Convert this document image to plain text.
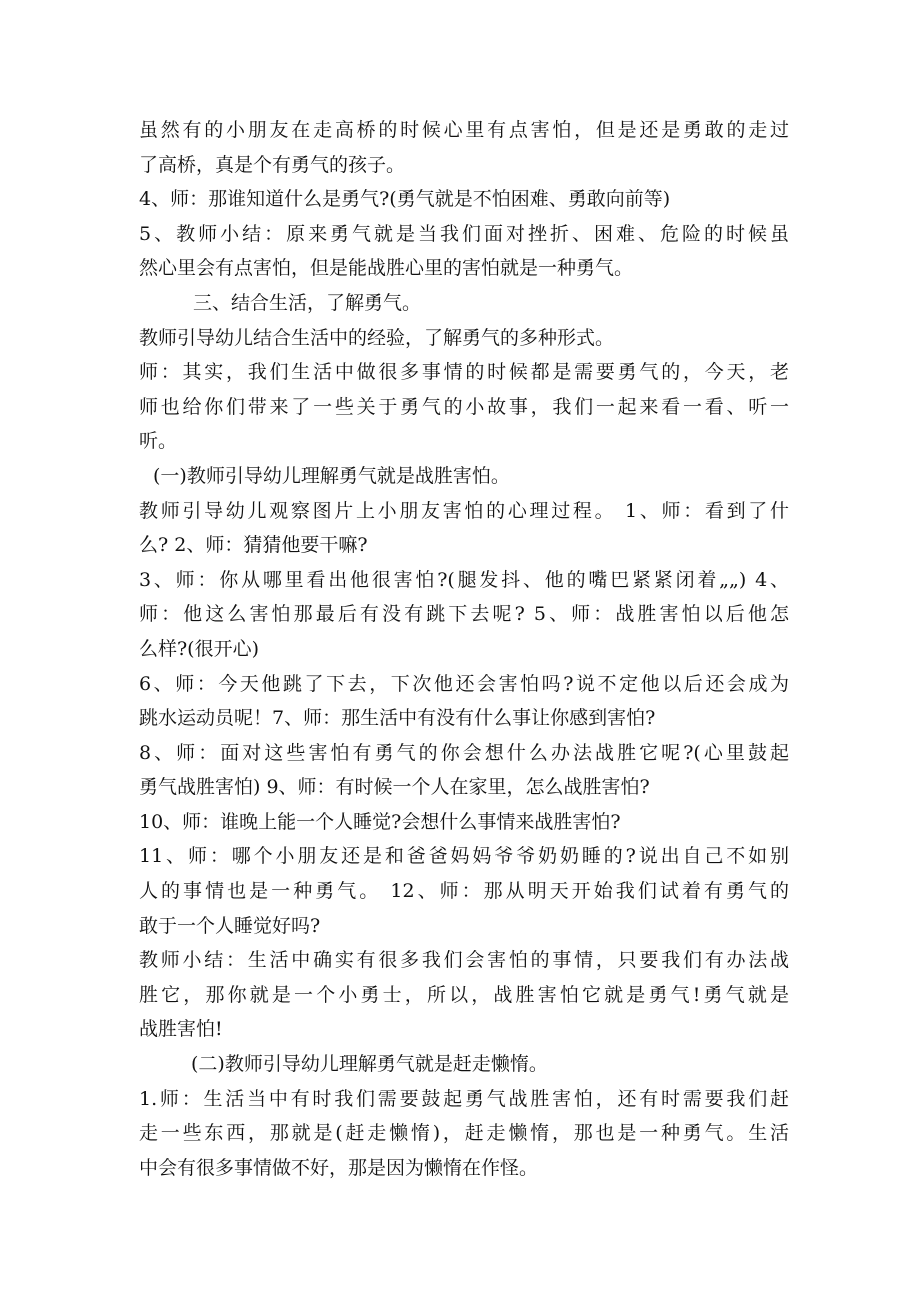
虽然有的小朋友在走高桥的时候心里有点害怕，但是还是勇敢的走过
了高桥，真是个有勇气的孩子。
4、师：那谁知道什么是勇气?(勇气就是不怕困难、勇敢向前等)
5、教师小结：原来勇气就是当我们面对挫折、困难、危险的时候虽
然心里会有点害怕，但是能战胜心里的害怕就是一种勇气。
三、结合生活，了解勇气。
教师引导幼儿结合生活中的经验，了解勇气的多种形式。
师：其实，我们生活中做很多事情的时候都是需要勇气的，今天，老
师也给你们带来了一些关于勇气的小故事，我们一起来看一看、听一
听。
(一)教师引导幼儿理解勇气就是战胜害怕。
教师引导幼儿观察图片上小朋友害怕的心理过程。 1、师：看到了什
么? 2、师：猜猜他要干嘛?
3、师：你从哪里看出他很害怕?(腿发抖、他的嘴巴紧紧闭着„„) 4、
师：他这么害怕那最后有没有跳下去呢? 5、师：战胜害怕以后他怎
么样?(很开心)
6、师：今天他跳了下去，下次他还会害怕吗?说不定他以后还会成为
跳水运动员呢！7、师：那生活中有没有什么事让你感到害怕?
8、师：面对这些害怕有勇气的你会想什么办法战胜它呢?(心里鼓起
勇气战胜害怕) 9、师：有时候一个人在家里，怎么战胜害怕?
10、师：谁晚上能一个人睡觉?会想什么事情来战胜害怕?
11、师：哪个小朋友还是和爸爸妈妈爷爷奶奶睡的?说出自己不如别
人的事情也是一种勇气。 12、师：那从明天开始我们试着有勇气的
敢于一个人睡觉好吗?
教师小结：生活中确实有很多我们会害怕的事情，只要我们有办法战
胜它，那你就是一个小勇士，所以，战胜害怕它就是勇气!勇气就是
战胜害怕!
(二)教师引导幼儿理解勇气就是赶走懒惰。
1.师：生活当中有时我们需要鼓起勇气战胜害怕，还有时需要我们赶
走一些东西，那就是(赶走懒惰)，赶走懒惰，那也是一种勇气。生活
中会有很多事情做不好，那是因为懒惰在作怪。
